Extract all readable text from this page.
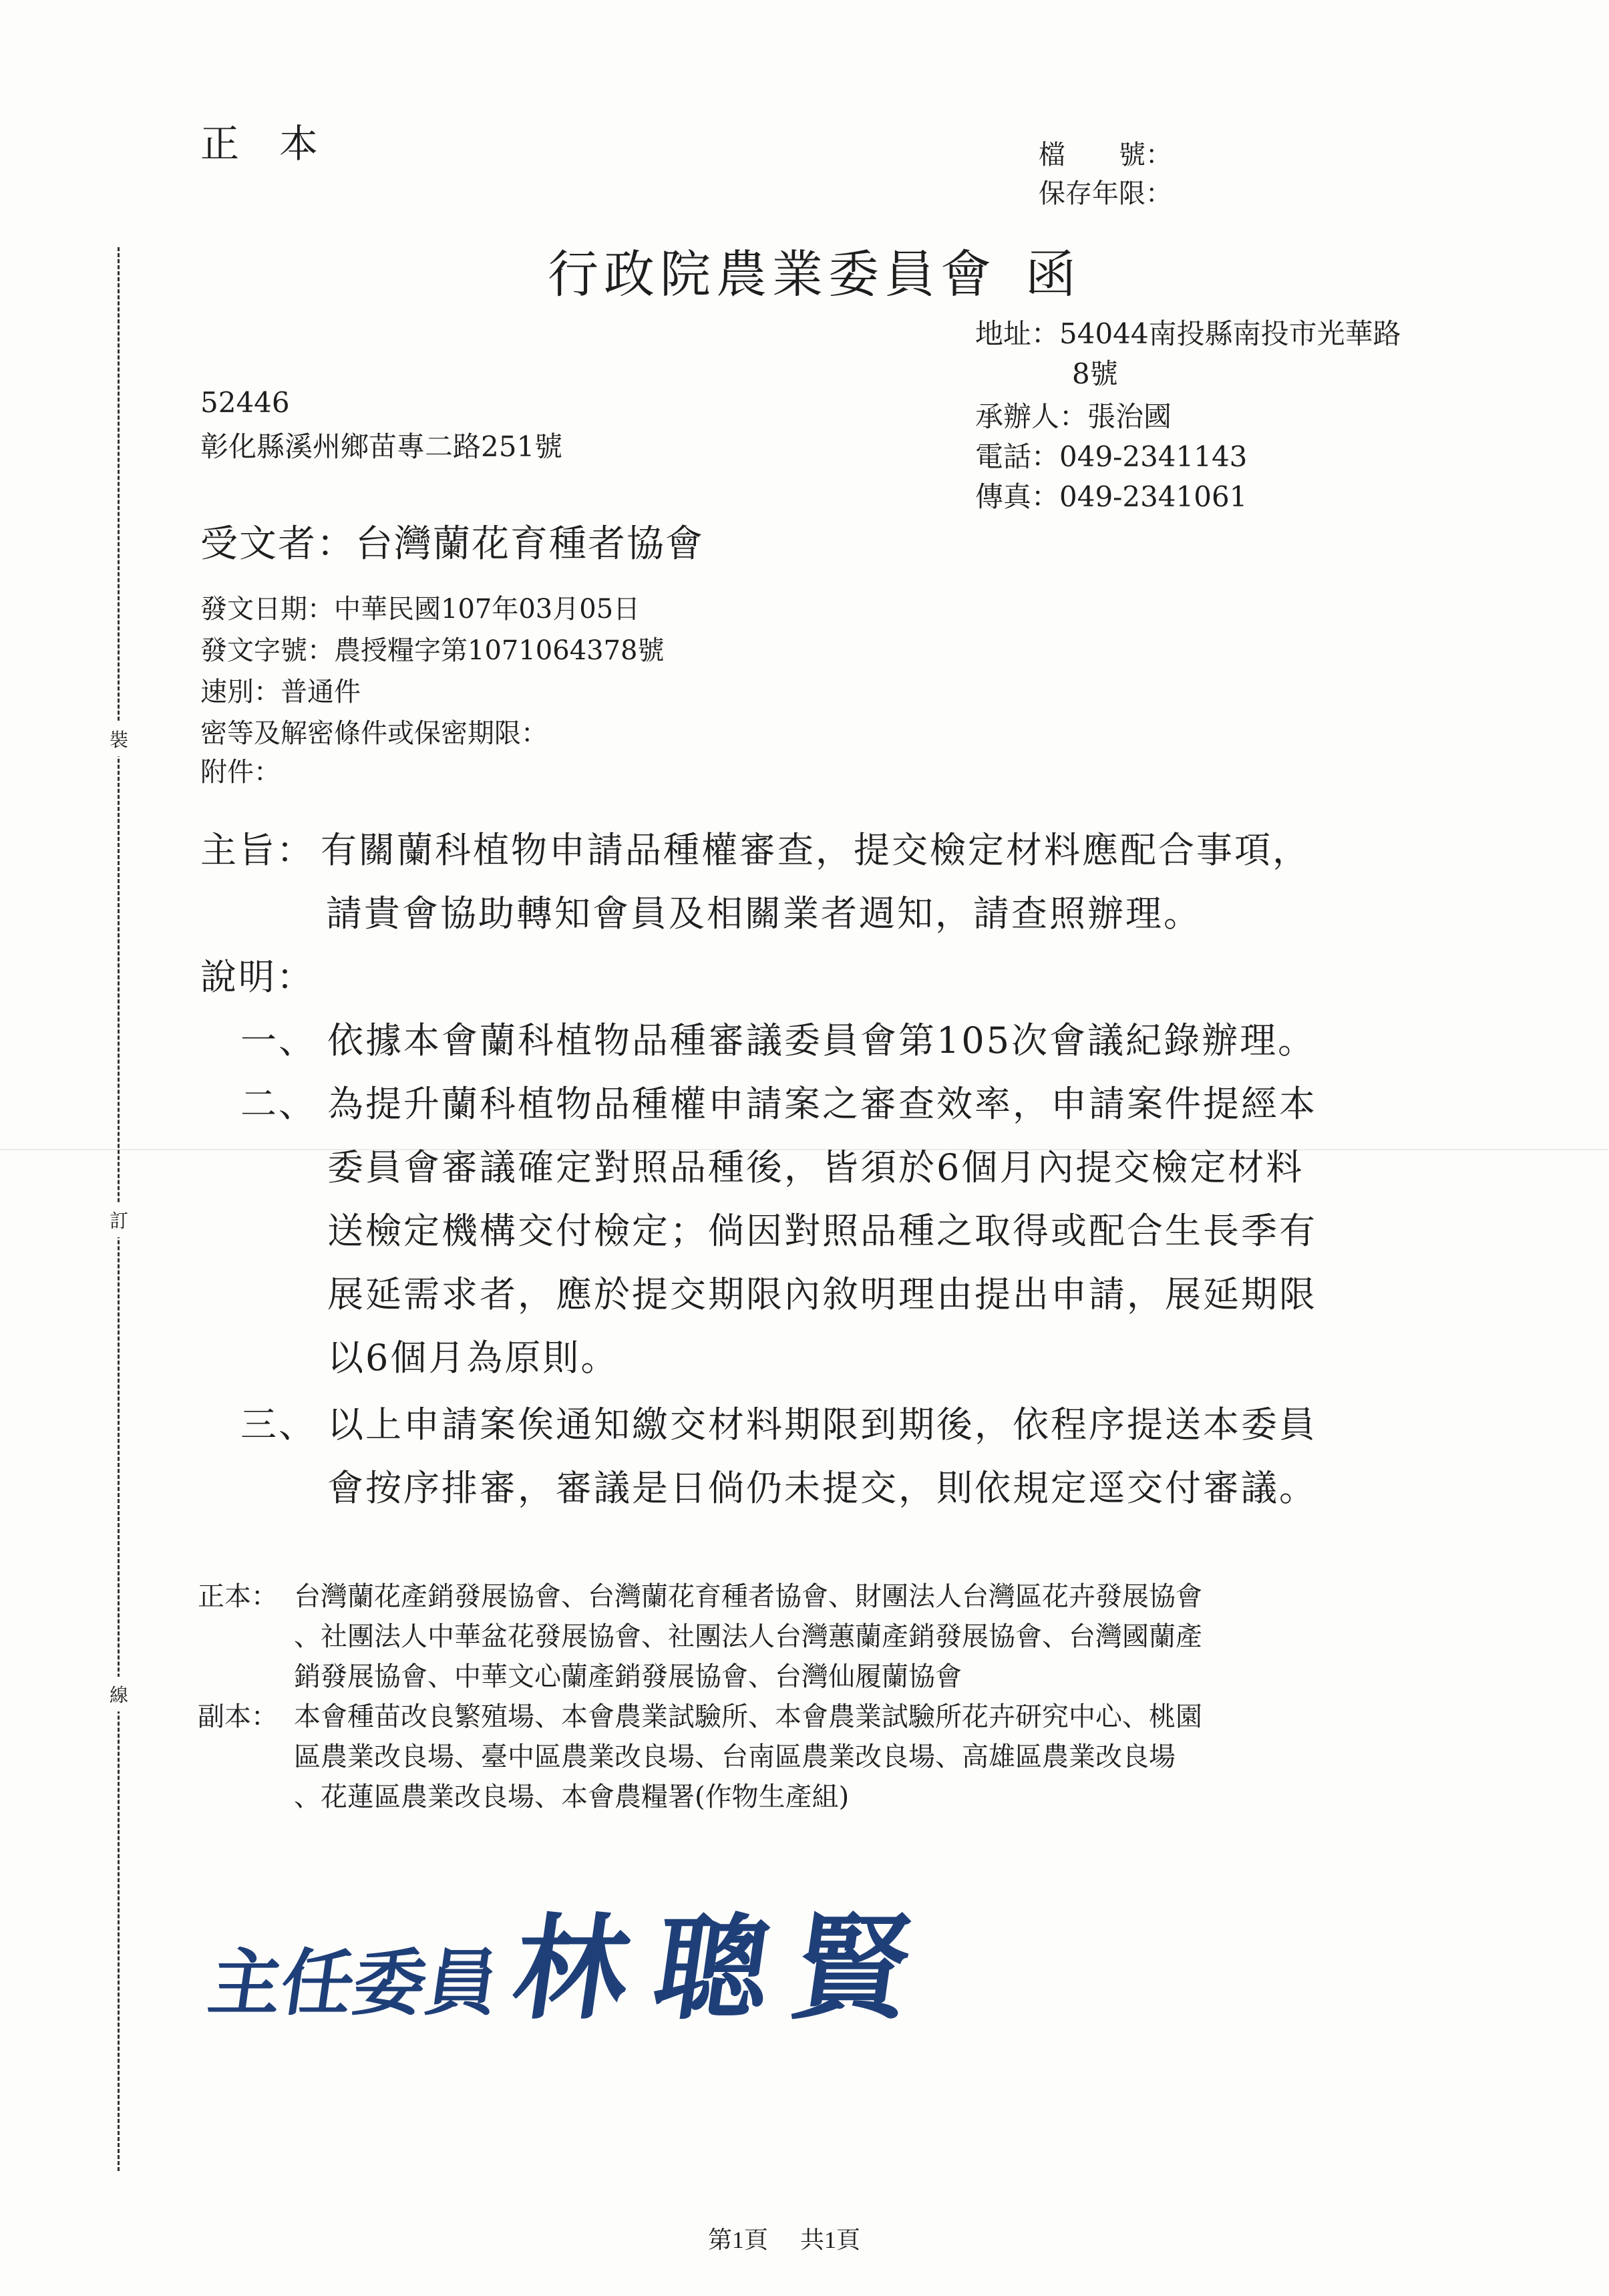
裝
訂
線
正本	檔　　號：
保存年限：
行政院農業委員會 函
地址：54044南投縣南投市光華路
8號
承辦人：張治國
電話：049-2341143
傳真：049-2341061
52446
彰化縣溪州鄉苗專二路251號
受文者：台灣蘭花育種者協會
發文日期：中華民國107年03月05日
發文字號：農授糧字第1071064378號
速別：普通件
密等及解密條件或保密期限：
附件：
主旨： 有關蘭科植物申請品種權審查，提交檢定材料應配合事項，
請貴會協助轉知會員及相關業者週知，請查照辦理。
說明：
一、 依據本會蘭科植物品種審議委員會第105次會議紀錄辦理。
二、 為提升蘭科植物品種權申請案之審查效率，申請案件提經本
委員會審議確定對照品種後，皆須於6個月內提交檢定材料
送檢定機構交付檢定；倘因對照品種之取得或配合生長季有
展延需求者，應於提交期限內敘明理由提出申請，展延期限
以6個月為原則。
三、 以上申請案俟通知繳交材料期限到期後，依程序提送本委員
會按序排審，審議是日倘仍未提交，則依規定逕交付審議。
正本： 台灣蘭花產銷發展協會、台灣蘭花育種者協會、財團法人台灣區花卉發展協會
、社團法人中華盆花發展協會、社團法人台灣蕙蘭產銷發展協會、台灣國蘭產
銷發展協會、中華文心蘭產銷發展協會、台灣仙履蘭協會
副本： 本會種苗改良繁殖場、本會農業試驗所、本會農業試驗所花卉研究中心、桃園
區農業改良場、臺中區農業改良場、台南區農業改良場、高雄區農業改良場
、花蓮區農業改良場、本會農糧署(作物生產組)
主任委員 林聰賢
第1頁 共1頁
